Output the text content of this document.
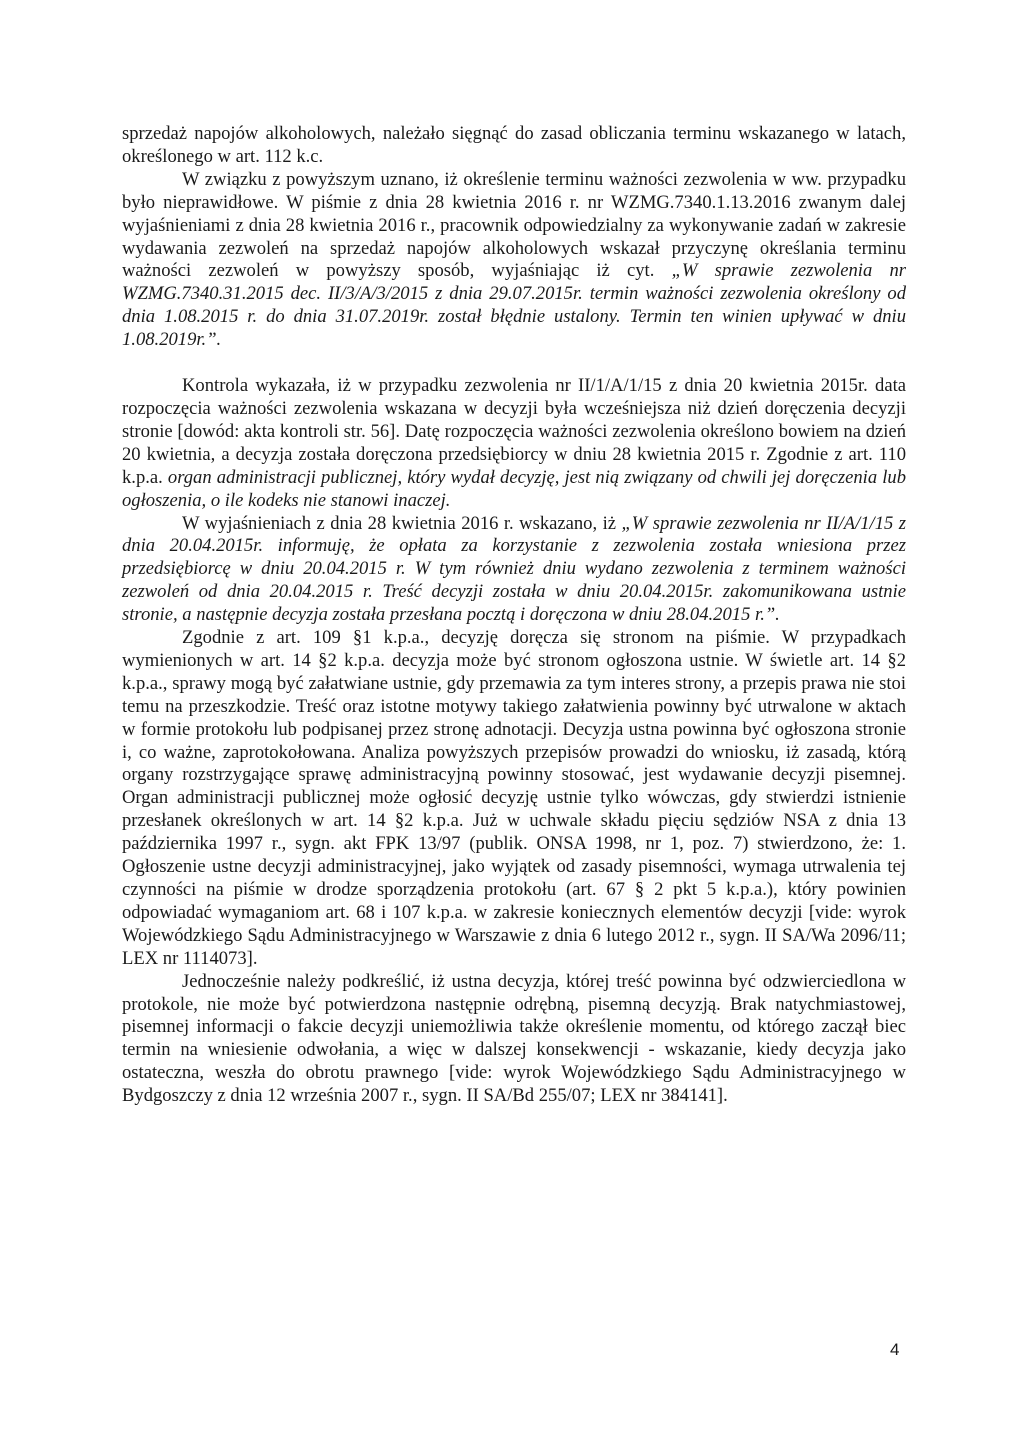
sprzedaż napojów alkoholowych, należało sięgnąć do zasad obliczania terminu wskazanego w latach, określonego w art. 112 k.c.

W związku z powyższym uznano, iż określenie terminu ważności zezwolenia w ww. przypadku było nieprawidłowe. W piśmie z dnia 28 kwietnia 2016 r. nr WZMG.7340.1.13.2016 zwanym dalej wyjaśnieniami z dnia 28 kwietnia 2016 r., pracownik odpowiedzialny za wykonywanie zadań w zakresie wydawania zezwoleń na sprzedaż napojów alkoholowych wskazał przyczynę określania terminu ważności zezwoleń w powyższy sposób, wyjaśniając iż cyt. „W sprawie zezwolenia nr WZMG.7340.31.2015 dec. II/3/A/3/2015 z dnia 29.07.2015r. termin ważności zezwolenia określony od dnia 1.08.2015 r. do dnia 31.07.2019r. został błędnie ustalony. Termin ten winien upływać w dniu 1.08.2019r.”.

Kontrola wykazała, iż w przypadku zezwolenia nr II/1/A/1/15 z dnia 20 kwietnia 2015r. data rozpoczęcia ważności zezwolenia wskazana w decyzji była wcześniejsza niż dzień doręczenia decyzji stronie [dowód: akta kontroli str. 56]. Datę rozpoczęcia ważności zezwolenia określono bowiem na dzień 20 kwietnia, a decyzja została doręczona przedsiębiorcy w dniu 28 kwietnia 2015 r. Zgodnie z art. 110 k.p.a. organ administracji publicznej, który wydał decyzję, jest nią związany od chwili jej doręczenia lub ogłoszenia, o ile kodeks nie stanowi inaczej.

W wyjaśnieniach z dnia 28 kwietnia 2016 r. wskazano, iż „W sprawie zezwolenia nr II/A/1/15 z dnia 20.04.2015r. informuję, że opłata za korzystanie z zezwolenia została wniesiona przez przedsiębiorcę w dniu 20.04.2015 r. W tym również dniu wydano zezwolenia z terminem ważności zezwoleń od dnia 20.04.2015 r. Treść decyzji została w dniu 20.04.2015r. zakomunikowana ustnie stronie, a następnie decyzja została przesłana pocztą i doręczona w dniu 28.04.2015 r.”.

Zgodnie z art. 109 §1 k.p.a., decyzję doręcza się stronom na piśmie. W przypadkach wymienionych w art. 14 §2 k.p.a. decyzja może być stronom ogłoszona ustnie. W świetle art. 14 §2 k.p.a., sprawy mogą być załatwiane ustnie, gdy przemawia za tym interes strony, a przepis prawa nie stoi temu na przeszkodzie. Treść oraz istotne motywy takiego załatwienia powinny być utrwalone w aktach w formie protokołu lub podpisanej przez stronę adnotacji. Decyzja ustna powinna być ogłoszona stronie i, co ważne, zaprotokołowana. Analiza powyższych przepisów prowadzi do wniosku, iż zasadą, którą organy rozstrzygające sprawę administracyjną powinny stosować, jest wydawanie decyzji pisemnej. Organ administracji publicznej może ogłosić decyzję ustnie tylko wówczas, gdy stwierdzi istnienie przesłanek określonych w art. 14 §2 k.p.a. Już w uchwale składu pięciu sędziów NSA z dnia 13 października 1997 r., sygn. akt FPK 13/97 (publik. ONSA 1998, nr 1, poz. 7) stwierdzono, że: 1. Ogłoszenie ustne decyzji administracyjnej, jako wyjątek od zasady pisemności, wymaga utrwalenia tej czynności na piśmie w drodze sporządzenia protokołu (art. 67 § 2 pkt 5 k.p.a.), który powinien odpowiadać wymaganiom art. 68 i 107 k.p.a. w zakresie koniecznych elementów decyzji [vide: wyrok Wojewódzkiego Sądu Administracyjnego w Warszawie z dnia 6 lutego 2012 r., sygn. II SA/Wa 2096/11; LEX nr 1114073].

Jednocześnie należy podkreślić, iż ustna decyzja, której treść powinna być odzwierciedlona w protokole, nie może być potwierdzona następnie odrębną, pisemną decyzją. Brak natychmiastowej, pisemnej informacji o fakcie decyzji uniemożliwia także określenie momentu, od którego zaczął biec termin na wniesienie odwołania, a więc w dalszej konsekwencji - wskazanie, kiedy decyzja jako ostateczna, weszła do obrotu prawnego [vide: wyrok Wojewódzkiego Sądu Administracyjnego w Bydgoszczy z dnia 12 września 2007 r., sygn. II SA/Bd 255/07; LEX nr 384141].

4
